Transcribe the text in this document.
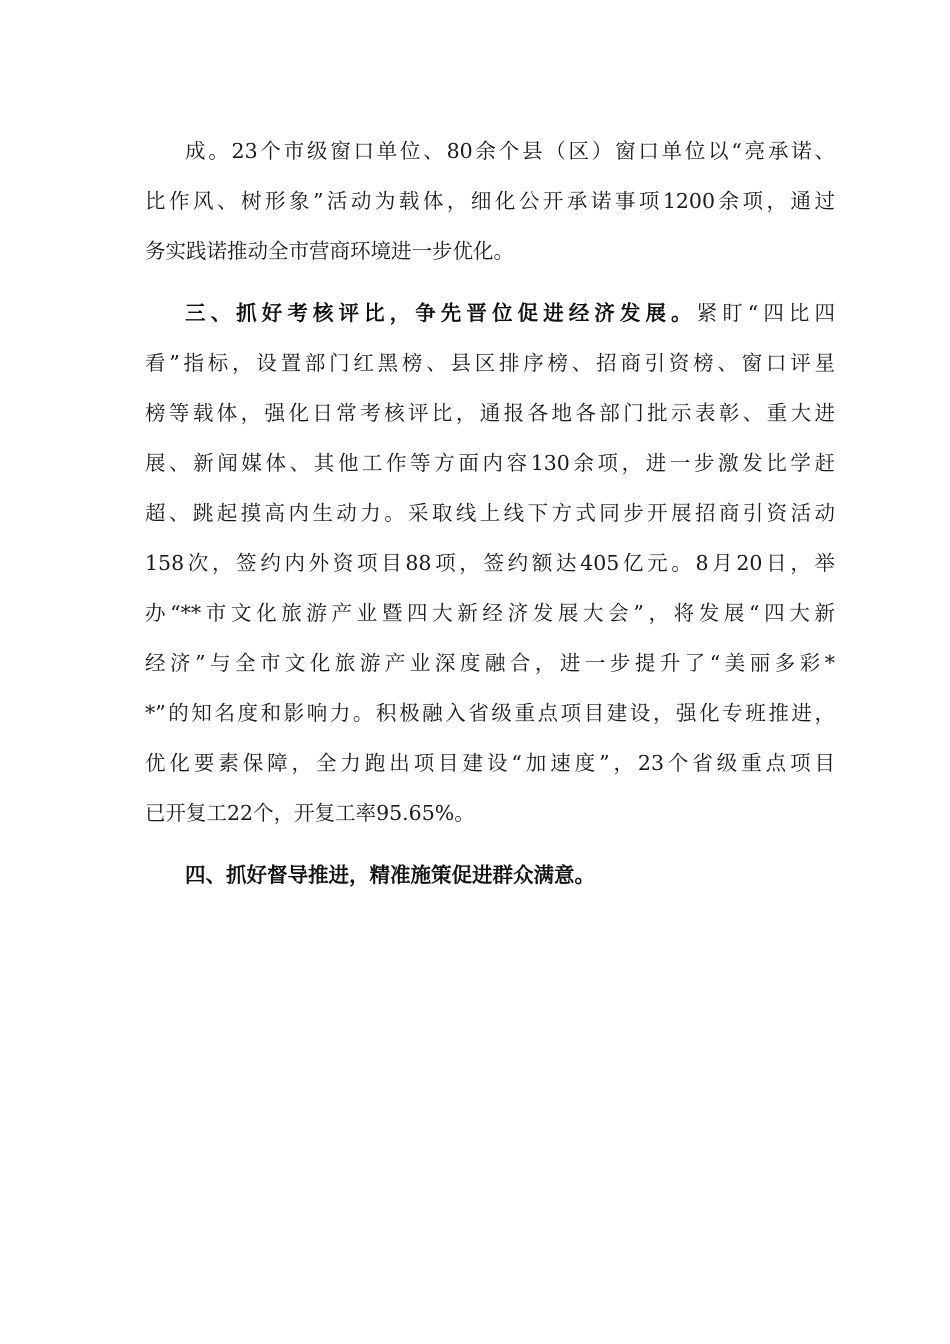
成。23个市级窗口单位、80余个县（区）窗口单位以“亮承诺、
比作风、树形象”活动为载体，细化公开承诺事项1200余项，通过
务实践诺推动全市营商环境进一步优化。
三、抓好考核评比，争先晋位促进经济发展。紧盯“四比四
看”指标，设置部门红黑榜、县区排序榜、招商引资榜、窗口评星
榜等载体，强化日常考核评比，通报各地各部门批示表彰、重大进
展、新闻媒体、其他工作等方面内容130余项，进一步激发比学赶
超、跳起摸高内生动力。采取线上线下方式同步开展招商引资活动
158次，签约内外资项目88项，签约额达405亿元。8月20日，举
办“**市文化旅游产业暨四大新经济发展大会”，将发展“四大新
经济”与全市文化旅游产业深度融合，进一步提升了“美丽多彩*
*”的知名度和影响力。积极融入省级重点项目建设，强化专班推进，
优化要素保障，全力跑出项目建设“加速度”，23个省级重点项目
已开复工22个，开复工率95.65%。
四、抓好督导推进，精准施策促进群众满意。
